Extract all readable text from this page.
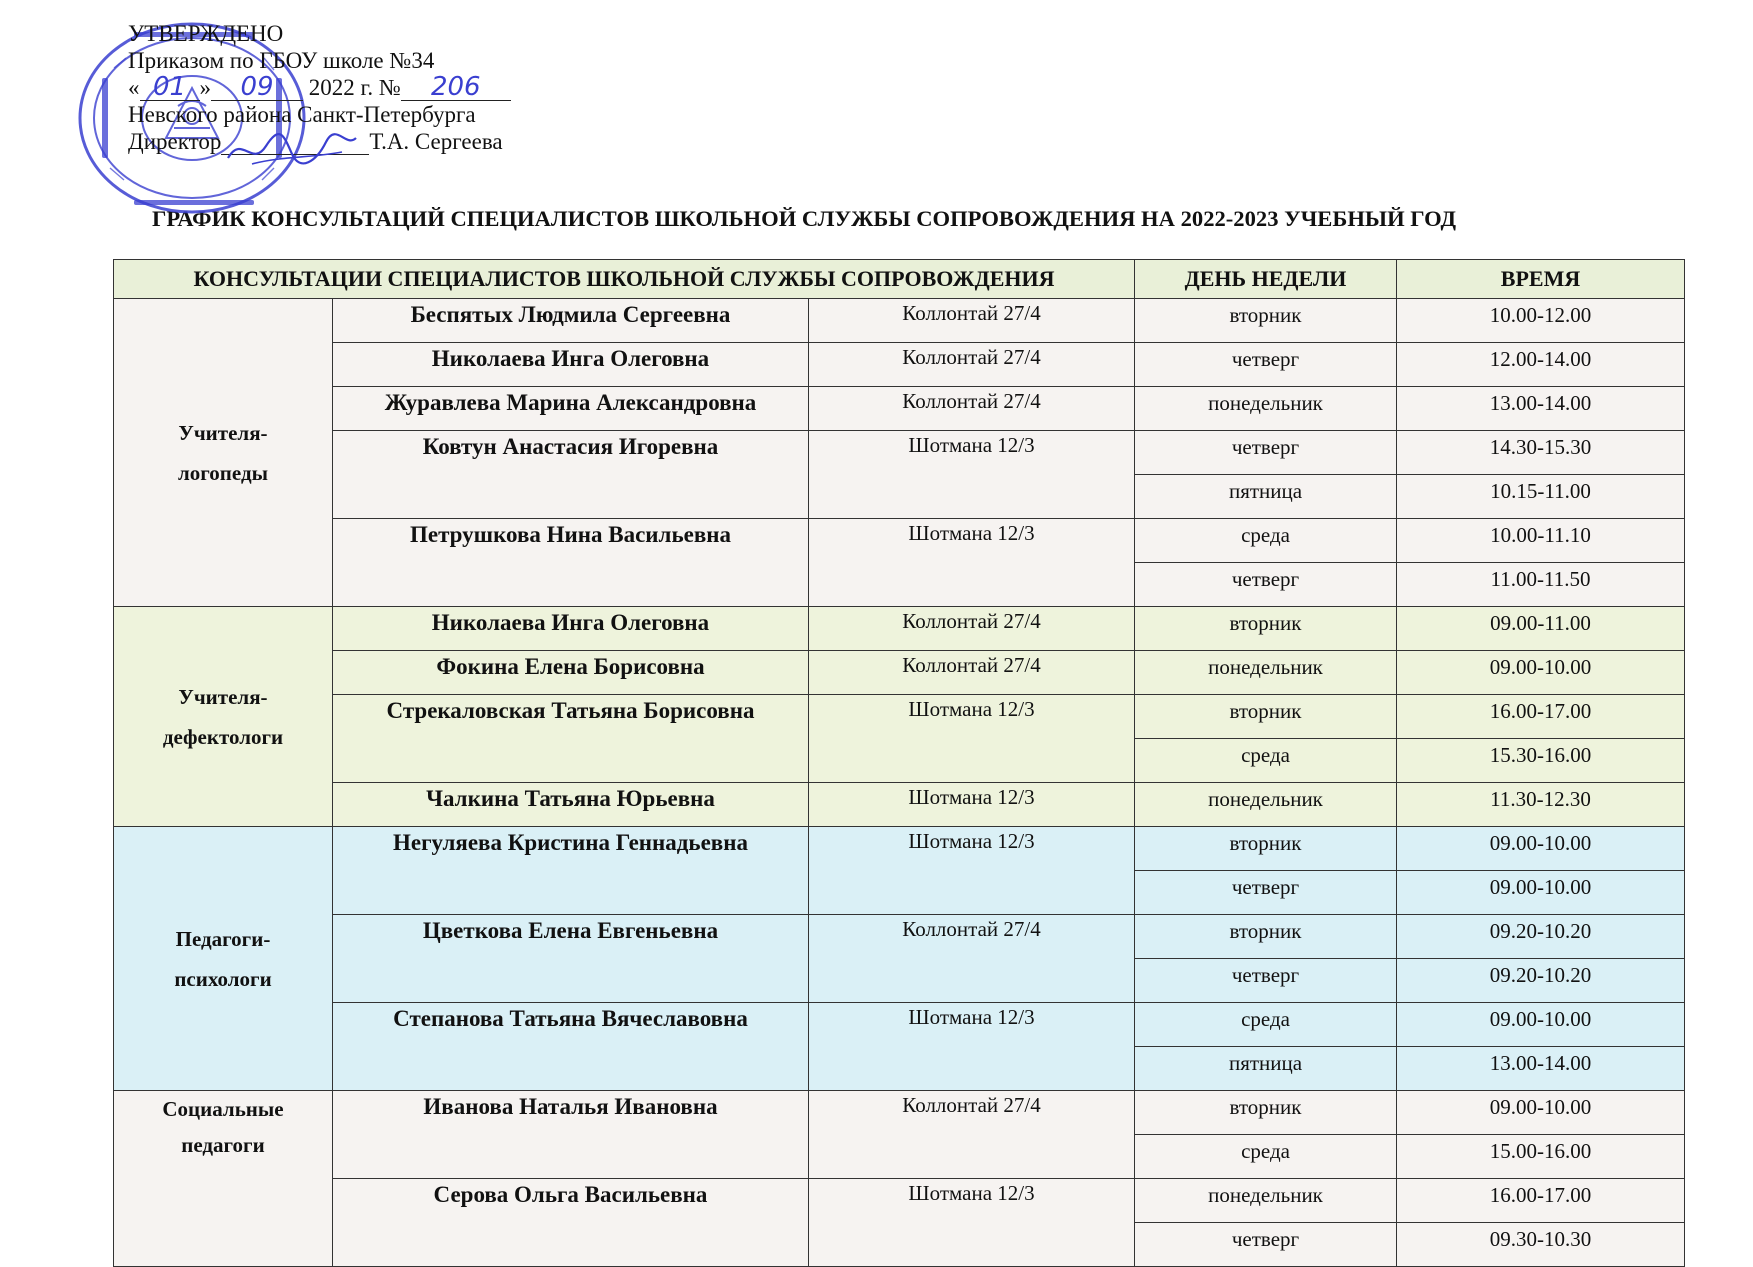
УТВЕРЖДЕНО
Приказом по ГБОУ школе №34
« 01 » 09 2022 г. № 206
Невского района Санкт-Петербурга
Директор	Т.А. Сергеева
ГРАФИК КОНСУЛЬТАЦИЙ СПЕЦИАЛИСТОВ ШКОЛЬНОЙ СЛУЖБЫ СОПРОВОЖДЕНИЯ НА 2022-2023 УЧЕБНЫЙ ГОД
КОНСУЛЬТАЦИИ СПЕЦИАЛИСТОВ ШКОЛЬНОЙ СЛУЖБЫ СОПРОВОЖДЕНИЯ			ДЕНЬ НЕДЕЛИ	ВРЕМЯ

Учителя-
логопеды	Беспятых Людмила Сергеевна	Коллонтай 27/4	вторник	10.00-12.00
	Николаева Инга Олеговна	Коллонтай 27/4	четверг	12.00-14.00
	Журавлева Марина Александровна	Коллонтай 27/4	понедельник	13.00-14.00
	Ковтун Анастасия Игоревна	Шотмана 12/3	четверг	14.30-15.30
			пятница	10.15-11.00
	Петрушкова Нина Васильевна	Шотмана 12/3	среда	10.00-11.10
			четверг	11.00-11.50

Учителя-
дефектологи	Николаева Инга Олеговна	Коллонтай 27/4	вторник	09.00-11.00
	Фокина Елена Борисовна	Коллонтай 27/4	понедельник	09.00-10.00
	Стрекаловская Татьяна Борисовна	Шотмана 12/3	вторник	16.00-17.00
			среда	15.30-16.00
	Чалкина Татьяна Юрьевна	Шотмана 12/3	понедельник	11.30-12.30

Педагоги-
психологи	Негуляева Кристина Геннадьевна	Шотмана 12/3	вторник	09.00-10.00
			четверг	09.00-10.00
	Цветкова Елена Евгеньевна	Коллонтай 27/4	вторник	09.20-10.20
			четверг	09.20-10.20
	Степанова Татьяна Вячеславовна	Шотмана 12/3	среда	09.00-10.00
			пятница	13.00-14.00

Социальные
педагоги	Иванова Наталья Ивановна	Коллонтай 27/4	вторник	09.00-10.00
			среда	15.00-16.00
	Серова Ольга Васильевна	Шотмана 12/3	понедельник	16.00-17.00
			четверг	09.30-10.30
